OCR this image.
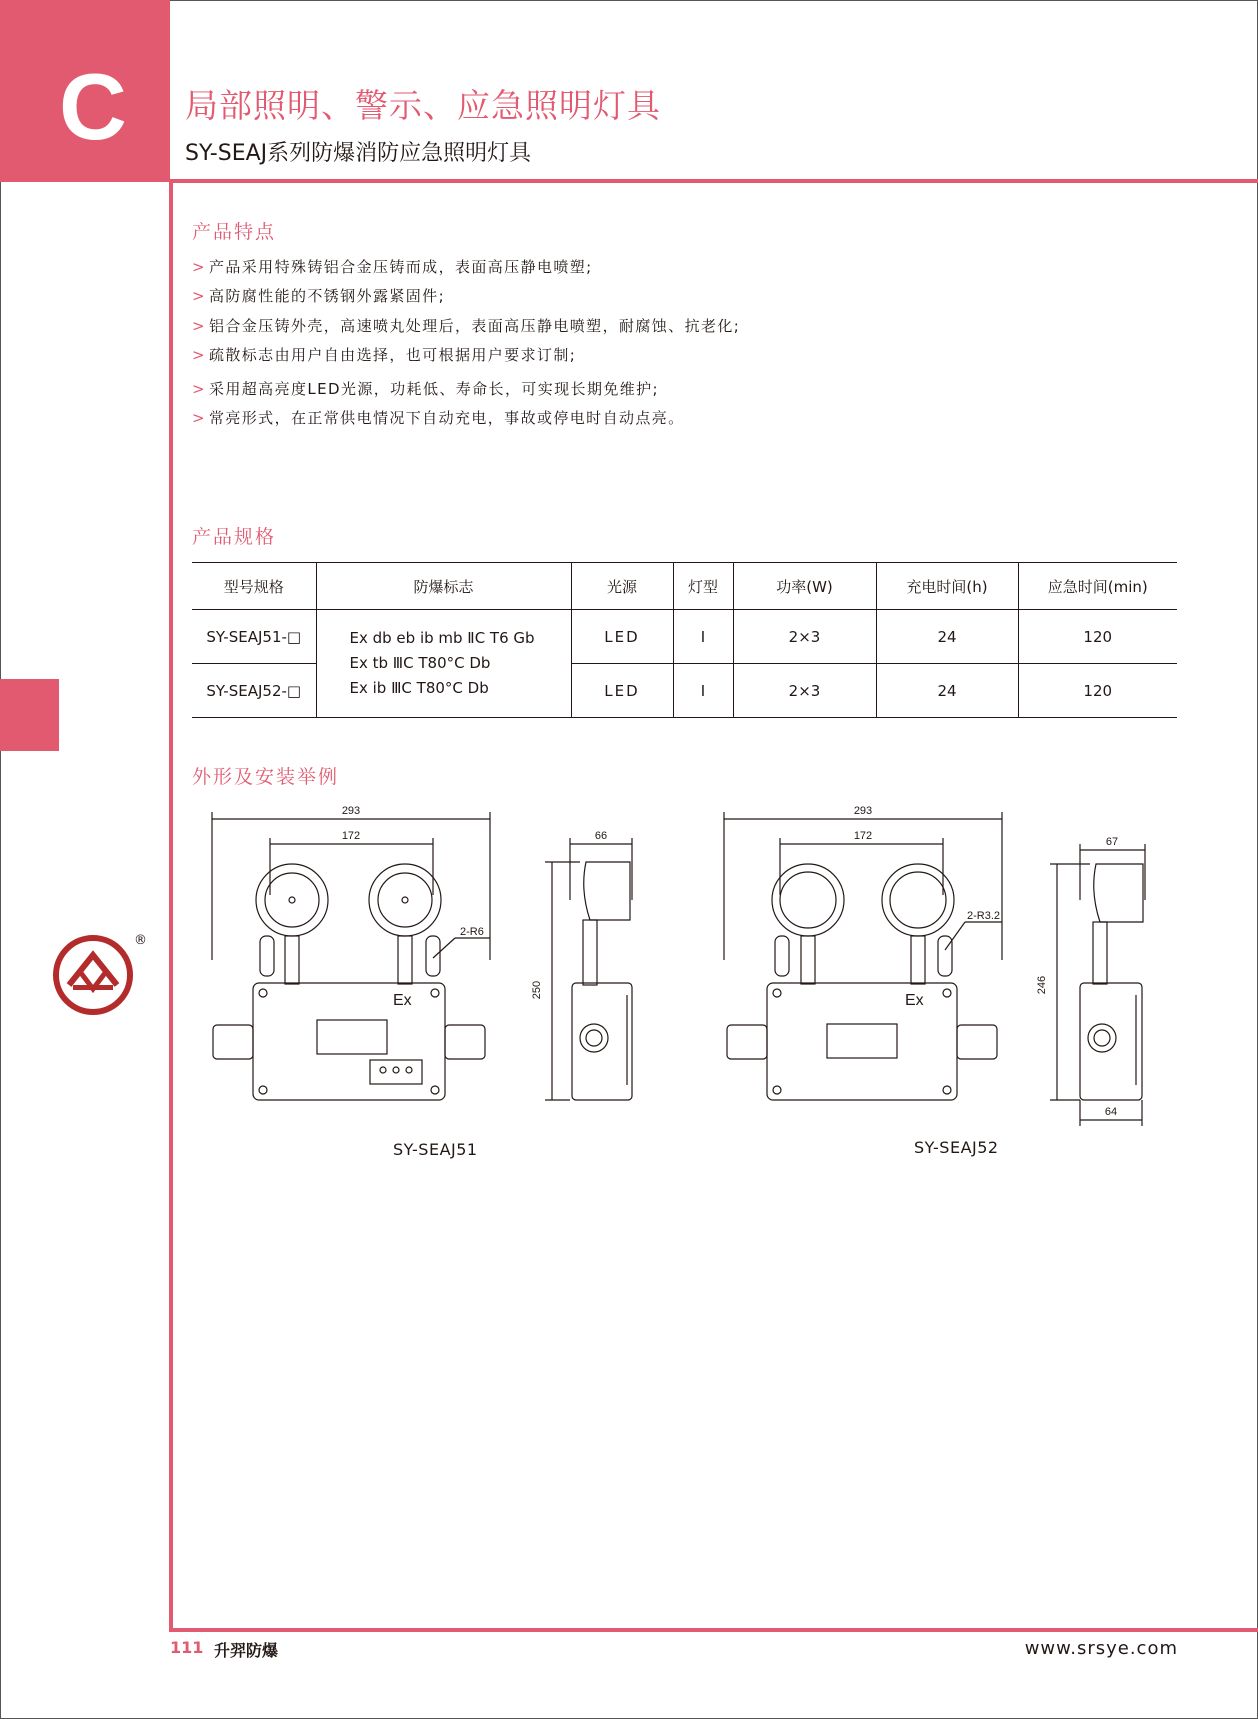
C	局部照明、警示、应急照明灯具
SY-SEAJ系列防爆消防应急照明灯具
产品特点
> 产品采用特殊铸铝合金压铸而成，表面高压静电喷塑;
> 高防腐性能的不锈钢外露紧固件;
> 铝合金压铸外壳，高速喷丸处理后，表面高压静电喷塑，耐腐蚀、抗老化;
> 疏散标志由用户自由选择，也可根据用户要求订制;
> 采用超高亮度LED光源，功耗低、寿命长，可实现长期免维护;
> 常亮形式，在正常供电情况下自动充电，事故或停电时自动点亮。
产品规格
型号规格	防爆标志	光源	灯型	功率(W)	充电时间(h)	应急时间(min)
SY-SEAJ51-□	Ex db eb ib mb ⅡC T6 Gb
Ex tb ⅢC T80°C Db
Ex ib ⅢC T80°C Db	LED	Ⅰ	2×3	24	120
SY-SEAJ52-□		LED	Ⅰ	2×3	24	120
外形及安装举例
®
293
172
Ex
2-R6
66
250
293
172
Ex
2-R3.2
67
246
64
SY-SEAJ51	SY-SEAJ52
111 升羿防爆	www.srsye.com
